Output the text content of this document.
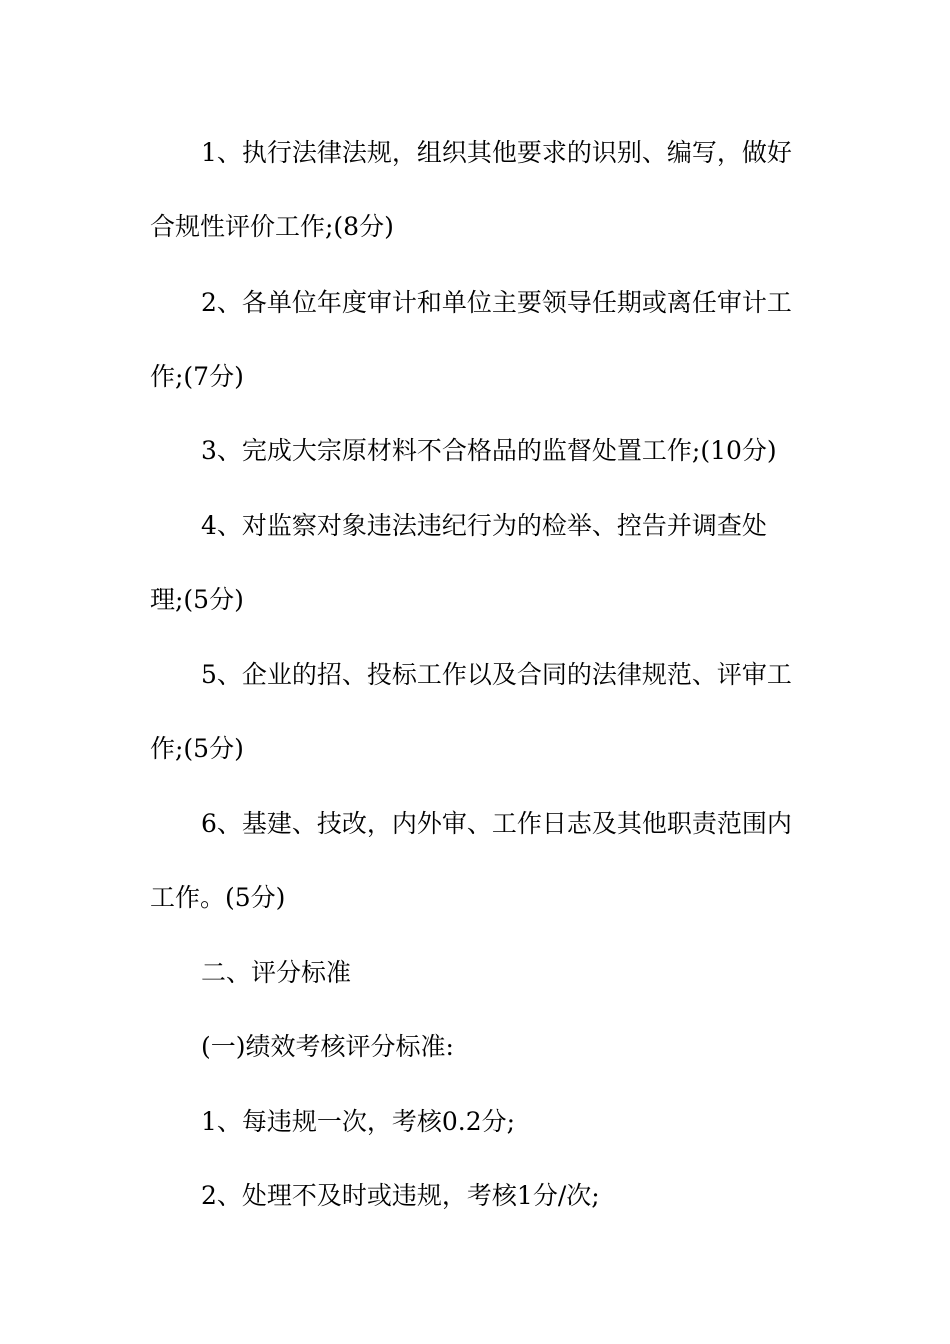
1、执行法律法规，组织其他要求的识别、编写，做好
合规性评价工作;(8分)
2、各单位年度审计和单位主要领导任期或离任审计工
作;(7分)
3、完成大宗原材料不合格品的监督处置工作;(10分)
4、对监察对象违法违纪行为的检举、控告并调查处
理;(5分)
5、企业的招、投标工作以及合同的法律规范、评审工
作;(5分)
6、基建、技改，内外审、工作日志及其他职责范围内
工作。(5分)
二、评分标准
(一)绩效考核评分标准:
1、每违规一次，考核0.2分;
2、处理不及时或违规，考核1分/次;
